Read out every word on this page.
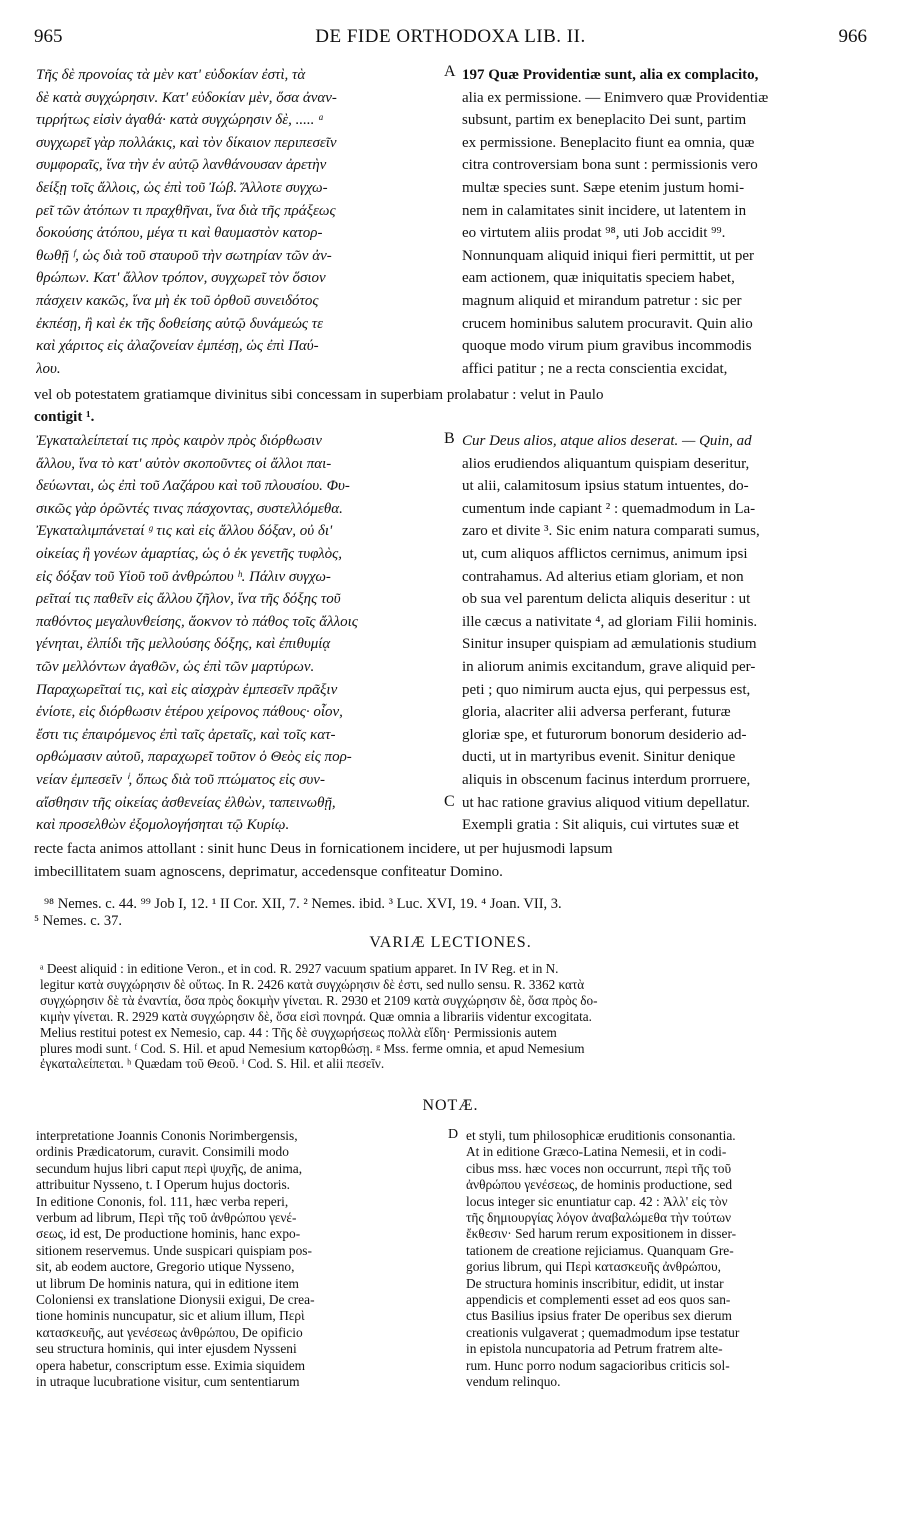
965	DE FIDE ORTHODOXA LIB. II.	966
Τῆς δὲ προνοίας τὰ μὲν κατ' εὐδοκίαν ἐστὶ, τὰ
δὲ κατὰ συγχώρησιν. Κατ' εὐδοκίαν μὲν, ὅσα ἀναν-
τιρρήτως εἰσὶν ἀγαθά· κατὰ συγχώρησιν δὲ, ..... ᵃ
συγχωρεῖ γὰρ πολλάκις, καὶ τὸν δίκαιον περιπεσεῖν
συμφοραῖς, ἵνα τὴν ἐν αὐτῷ λανθάνουσαν ἀρετὴν
δείξῃ τοῖς ἄλλοις, ὡς ἐπὶ τοῦ Ἰώβ. Ἄλλοτε συγχω-
ρεῖ τῶν ἀτόπων τι πραχθῆναι, ἵνα διὰ τῆς πράξεως
δοκούσης ἀτόπου, μέγα τι καὶ θαυμαστὸν κατορ-
θωθῇ ᶠ, ὡς διὰ τοῦ σταυροῦ τὴν σωτηρίαν τῶν ἀν-
θρώπων. Κατ' ἄλλον τρόπον, συγχωρεῖ τὸν ὅσιον
πάσχειν κακῶς, ἵνα μὴ ἐκ τοῦ ὀρθοῦ συνειδότος
ἐκπέσῃ, ἢ καὶ ἐκ τῆς δοθείσης αὐτῷ δυνάμεώς τε
καὶ χάριτος εἰς ἀλαζονείαν ἐμπέσῃ, ὡς ἐπὶ Παύ-
λου.
A 197 Quæ Providentiæ sunt, alia ex complacito,
alia ex permissione. — Enimvero quæ Providentiæ
subsunt, partim ex beneplacito Dei sunt, partim
ex permissione. Beneplacito fiunt ea omnia, quæ
citra controversiam bona sunt : permissionis vero
multæ species sunt. Sæpe etenim justum homi-
nem in calamitates sinit incidere, ut latentem in
eo virtutem aliis prodat ⁹⁸, uti Job accidit ⁹⁹.
Nonnunquam aliquid iniqui fieri permittit, ut per
eam actionem, quæ iniquitatis speciem habet,
magnum aliquid et mirandum patretur : sic per
crucem hominibus salutem procuravit. Quin alio
quoque modo virum pium gravibus incommodis
affici patitur ; ne a recta conscientia excidat,
vel ob potestatem gratiamque divinitus sibi concessam in superbiam prolabatur : velut in Paulo
contigit ¹.
Ἐγκαταλείπεταί τις πρὸς καιρὸν πρὸς διόρθωσιν
ἄλλου, ἵνα τὸ κατ' αὐτὸν σκοποῦντες οἱ ἄλλοι παι-
δεύωνται, ὡς ἐπὶ τοῦ Λαζάρου καὶ τοῦ πλουσίου. Φυ-
σικῶς γὰρ ὁρῶντές τινας πάσχοντας, συστελλόμεθα.
Ἐγκαταλιμπάνεταί ᵍ τις καὶ εἰς ἄλλου δόξαν, οὐ δι'
οἰκείας ἢ γονέων ἁμαρτίας, ὡς ὁ ἐκ γενετῆς τυφλὸς,
εἰς δόξαν τοῦ Υἱοῦ τοῦ ἀνθρώπου ʰ. Πάλιν συγχω-
ρεῖταί τις παθεῖν εἰς ἄλλου ζῆλον, ἵνα τῆς δόξης τοῦ
παθόντος μεγαλυνθείσης, ἄοκνον τὸ πάθος τοῖς ἄλλοις
γένηται, ἐλπίδι τῆς μελλούσης δόξης, καὶ ἐπιθυμίᾳ
τῶν μελλόντων ἀγαθῶν, ὡς ἐπὶ τῶν μαρτύρων.
Παραχωρεῖταί τις, καὶ εἰς αἰσχρὰν ἐμπεσεῖν πρᾶξιν
ἐνίοτε, εἰς διόρθωσιν ἑτέρου χείρονος πάθους· οἷον,
ἔστι τις ἐπαιρόμενος ἐπὶ ταῖς ἀρεταῖς, καὶ τοῖς κατ-
ορθώμασιν αὐτοῦ, παραχωρεῖ τοῦτον ὁ Θεὸς εἰς πορ-
νείαν ἐμπεσεῖν ⁱ, ὅπως διὰ τοῦ πτώματος εἰς συν-
αἴσθησιν τῆς οἰκείας ἀσθενείας ἐλθὼν, ταπεινωθῇ,
καὶ προσελθὼν ἐξομολογήσηται τῷ Κυρίῳ.
B
C
Cur Deus alios, atque alios deserat. — Quin, ad
alios erudiendos aliquantum quispiam deseritur,
ut alii, calamitosum ipsius statum intuentes, do-
cumentum inde capiant ² : quemadmodum in La-
zaro et divite ³. Sic enim natura comparati sumus,
ut, cum aliquos afflictos cernimus, animum ipsi
contrahamus. Ad alterius etiam gloriam, et non
ob sua vel parentum delicta aliquis deseritur : ut
ille cæcus a nativitate ⁴, ad gloriam Filii hominis.
Sinitur insuper quispiam ad æmulationis studium
in aliorum animis excitandum, grave aliquid per-
peti ; quo nimirum aucta ejus, qui perpessus est,
gloria, alacriter alii adversa perferant, futuræ
gloriæ spe, et futurorum bonorum desiderio ad-
ducti, ut in martyribus evenit. Sinitur denique
aliquis in obscenum facinus interdum prorruere,
ut hac ratione gravius aliquod vitium depellatur.
Exempli gratia : Sit aliquis, cui virtutes suæ et
recte facta animos attollant : sinit hunc Deus in fornicationem incidere, ut per hujusmodi lapsum
imbecillitatem suam agnoscens, deprimatur, accedensque confiteatur Domino.
⁹⁸ Nemes. c. 44. ⁹⁹ Job I, 12. ¹ II Cor. XII, 7. ² Nemes. ibid. ³ Luc. XVI, 19. ⁴ Joan. VII, 3.
⁵ Nemes. c. 37.
VARIÆ LECTIONES.
ᵃ Deest aliquid : in editione Veron., et in cod. R. 2927 vacuum spatium apparet. In IV Reg. et in N.
legitur κατὰ συγχώρησιν δὲ οὕτως. In R. 2426 κατὰ συγχώρησιν δὲ ἐστι, sed nullo sensu. R. 3362 κατὰ
συγχώρησιν δὲ τὰ ἐναντία, ὅσα πρὸς δοκιμὴν γίνεται. R. 2930 et 2109 κατὰ συγχώρησιν δὲ, ὅσα πρὸς δο-
κιμὴν γίνεται. R. 2929 κατὰ συγχώρησιν δὲ, ὅσα εἰσὶ πονηρά. Quæ omnia a librariis videntur excogitata.
Melius restitui potest ex Nemesio, cap. 44 : Τῆς δὲ συγχωρήσεως πολλὰ εἴδη· Permissionis autem
plures modi sunt. ᶠ Cod. S. Hil. et apud Nemesium κατορθώσῃ. ᵍ Mss. ferme omnia, et apud Nemesium
ἐγκαταλείπεται. ʰ Quædam τοῦ Θεοῦ. ⁱ Cod. S. Hil. et alii πεσεῖν.
NOTÆ.
interpretatione Joannis Cononis Norimbergensis,
ordinis Prædicatorum, curavit. Consimili modo
secundum hujus libri caput περὶ ψυχῆς, de anima,
attribuitur Nysseno, t. I Operum hujus doctoris.
In editione Cononis, fol. 111, hæc verba reperi,
verbum ad librum, Περὶ τῆς τοῦ ἀνθρώπου γενέ-
σεως, id est, De productione hominis, hanc expo-
sitionem reservemus. Unde suspicari quispiam pos-
sit, ab eodem auctore, Gregorio utique Nysseno,
ut librum De hominis natura, qui in editione item
Coloniensi ex translatione Dionysii exigui, De crea-
tione hominis nuncupatur, sic et alium illum, Περὶ
κατασκευῆς, aut γενέσεως ἀνθρώπου, De opificio
seu structura hominis, qui inter ejusdem Nysseni
opera habetur, conscriptum esse. Eximia siquidem
in utraque lucubratione visitur, cum sententiarum
D et styli, tum philosophicæ eruditionis consonantia.
At in editione Græco-Latina Nemesii, et in codi-
cibus mss. hæc voces non occurrunt, περὶ τῆς τοῦ
ἀνθρώπου γενέσεως, de hominis productione, sed
locus integer sic enuntiatur cap. 42 : Ἀλλ' εἰς τὸν
τῆς δημιουργίας λόγον ἀναβαλώμεθα τὴν τούτων
ἔκθεσιν· Sed harum rerum expositionem in disser-
tationem de creatione rejiciamus. Quanquam Gre-
gorius librum, qui Περὶ κατασκευῆς ἀνθρώπου,
De structura hominis inscribitur, edidit, ut instar
appendicis et complementi esset ad eos quos san-
ctus Basilius ipsius frater De operibus sex dierum
creationis vulgaverat ; quemadmodum ipse testatur
in epistola nuncupatoria ad Petrum fratrem alte-
rum. Hunc porro nodum sagacioribus criticis sol-
vendum relinquo.
